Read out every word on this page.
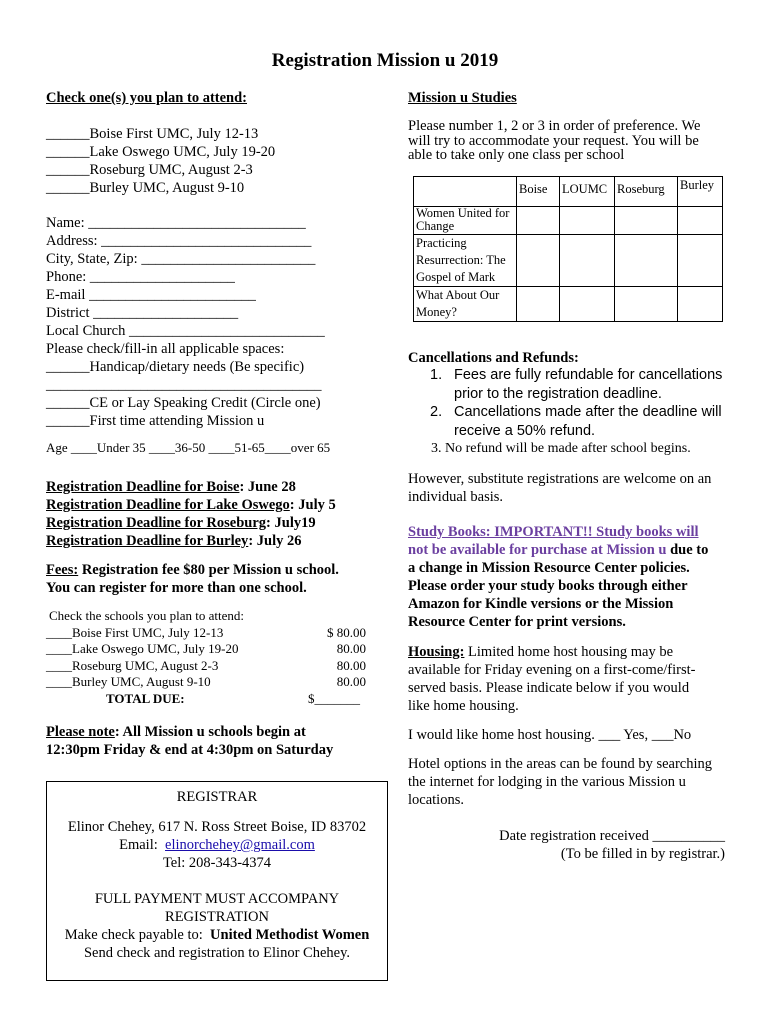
Registration Mission u 2019
Check one(s) you plan to attend:
______Boise First UMC, July 12-13
______Lake Oswego UMC, July 19-20
______Roseburg UMC, August 2-3
______Burley UMC, August 9-10
Name: ______________________________
Address: _____________________________
City, State, Zip: ________________________
Phone: ____________________
E-mail _______________________
District ____________________
Local Church ___________________________
Please check/fill-in all applicable spaces:
______Handicap/dietary needs (Be specific)
______________________________________
______CE or Lay Speaking Credit (Circle one)
______First time attending Mission u
Age ____Under 35 ____36-50 ____51-65____over 65
Registration Deadline for Boise: June 28
Registration Deadline for Lake Oswego: July 5
Registration Deadline for Roseburg: July19
Registration Deadline for Burley: July 26
Fees: Registration fee $80 per Mission u school.
You can register for more than one school.
Check the schools you plan to attend:
____Boise First UMC, July 12-13	$ 80.00
____Lake Oswego UMC, July 19-20	80.00
____Roseburg UMC, August 2-3	80.00
____Burley UMC, August 9-10	80.00
TOTAL DUE:	$_______
Please note: All Mission u schools begin at
12:30pm Friday & end at 4:30pm on Saturday
REGISTRAR
Elinor Chehey, 617 N. Ross Street Boise, ID 83702
Email: elinorchehey@gmail.com
Tel: 208-343-4374
FULL PAYMENT MUST ACCOMPANY
REGISTRATION
Make check payable to: United Methodist Women
Send check and registration to Elinor Chehey.
Mission u Studies
Please number 1, 2 or 3 in order of preference. We
will try to accommodate your request. You will be
able to take only one class per school
	Boise	LOUMC	Roseburg	Burley
Women United for Change				
Practicing Resurrection: The Gospel of Mark				
What About Our Money?				
Cancellations and Refunds:
1. Fees are fully refundable for cancellations prior to the registration deadline.
2. Cancellations made after the deadline will receive a 50% refund.
3. No refund will be made after school begins.
However, substitute registrations are welcome on an
individual basis.
Study Books: IMPORTANT!! Study books will
not be available for purchase at Mission u due to
a change in Mission Resource Center policies.
Please order your study books through either
Amazon for Kindle versions or the Mission
Resource Center for print versions.
Housing: Limited home host housing may be
available for Friday evening on a first-come/first-
served basis. Please indicate below if you would
like home housing.
I would like home host housing. ___ Yes, ___No
Hotel options in the areas can be found by searching
the internet for lodging in the various Mission u
locations.
Date registration received __________
(To be filled in by registrar.)
